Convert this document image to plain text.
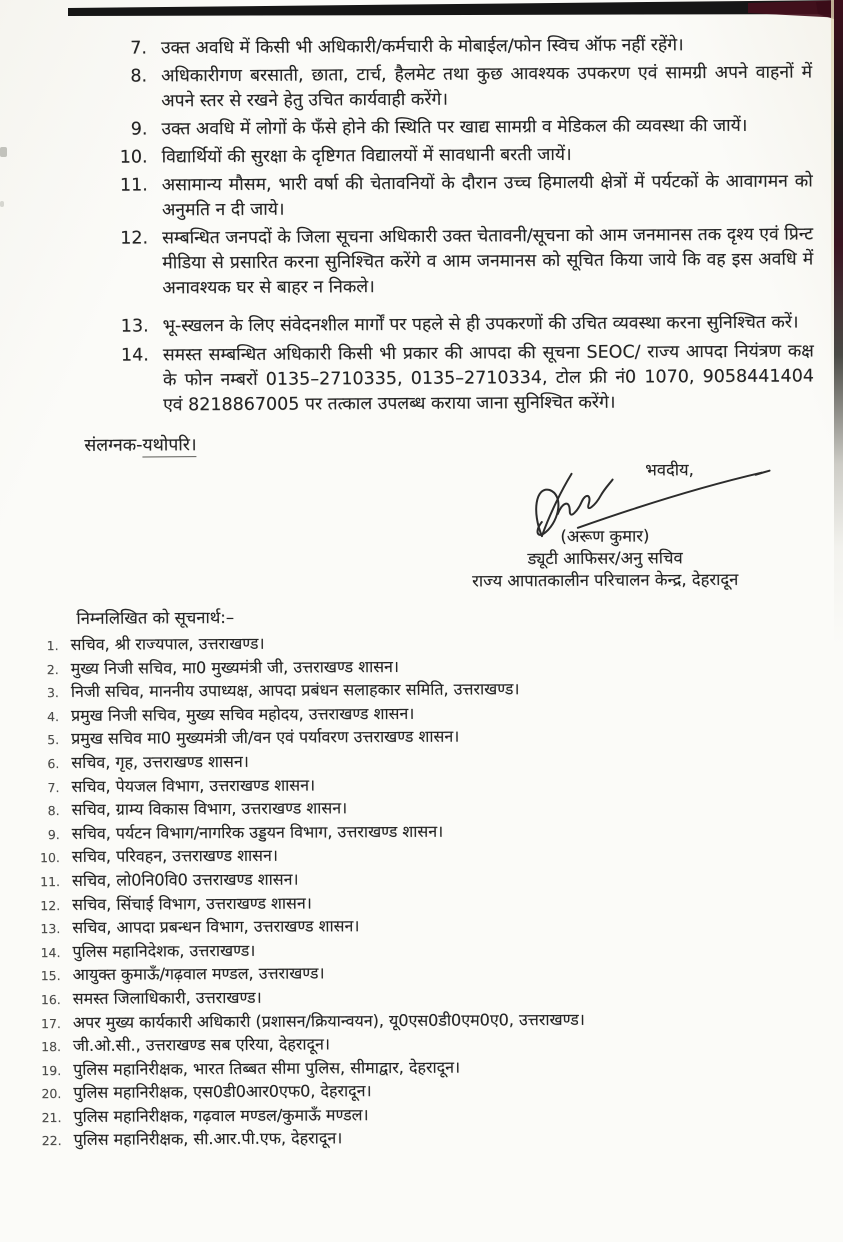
7. उक्त अवधि में किसी भी अधिकारी/कर्मचारी के मोबाईल/फोन स्विच ऑफ नहीं रहेंगे।
8. अधिकारीगण बरसाती, छाता, टार्च, हैलमेट तथा कुछ आवश्यक उपकरण एवं सामग्री अपने वाहनों में अपने स्तर से रखने हेतु उचित कार्यवाही करेंगे।
9. उक्त अवधि में लोगों के फँसे होने की स्थिति पर खाद्य सामग्री व मेडिकल की व्यवस्था की जायें।
10. विद्यार्थियों की सुरक्षा के दृष्टिगत विद्यालयों में सावधानी बरती जायें।
11. असामान्य मौसम, भारी वर्षा की चेतावनियों के दौरान उच्च हिमालयी क्षेत्रों में पर्यटकों के आवागमन को अनुमति न दी जाये।
12. सम्बन्धित जनपदों के जिला सूचना अधिकारी उक्त चेतावनी/सूचना को आम जनमानस तक दृश्य एवं प्रिन्ट मीडिया से प्रसारित करना सुनिश्चित करेंगे व आम जनमानस को सूचित किया जाये कि वह इस अवधि में अनावश्यक घर से बाहर न निकले।
13. भू-स्खलन के लिए संवेदनशील मार्गों पर पहले से ही उपकरणों की उचित व्यवस्था करना सुनिश्चित करें।
14. समस्त सम्बन्धित अधिकारी किसी भी प्रकार की आपदा की सूचना SEOC/ राज्य आपदा नियंत्रण कक्ष के फोन नम्बरों 0135–2710335, 0135–2710334, टोल फ्री नं0 1070, 9058441404 एवं 8218867005 पर तत्काल उपलब्ध कराया जाना सुनिश्चित करेंगे।
संलग्नक-यथोपरि।
भवदीय,
(अरूण कुमार)
ड्यूटी आफिसर/अनु सचिव
राज्य आपातकालीन परिचालन केन्द्र, देहरादून
निम्नलिखित को सूचनार्थ:–
1. सचिव, श्री राज्यपाल, उत्तराखण्ड।
2. मुख्य निजी सचिव, मा0 मुख्यमंत्री जी, उत्तराखण्ड शासन।
3. निजी सचिव, माननीय उपाध्यक्ष, आपदा प्रबंधन सलाहकार समिति, उत्तराखण्ड।
4. प्रमुख निजी सचिव, मुख्य सचिव महोदय, उत्तराखण्ड शासन।
5. प्रमुख सचिव मा0 मुख्यमंत्री जी/वन एवं पर्यावरण उत्तराखण्ड शासन।
6. सचिव, गृह, उत्तराखण्ड शासन।
7. सचिव, पेयजल विभाग, उत्तराखण्ड शासन।
8. सचिव, ग्राम्य विकास विभाग, उत्तराखण्ड शासन।
9. सचिव, पर्यटन विभाग/नागरिक उड्डयन विभाग, उत्तराखण्ड शासन।
10. सचिव, परिवहन, उत्तराखण्ड शासन।
11. सचिव, लो0नि0वि0 उत्तराखण्ड शासन।
12. सचिव, सिंचाई विभाग, उत्तराखण्ड शासन।
13. सचिव, आपदा प्रबन्धन विभाग, उत्तराखण्ड शासन।
14. पुलिस महानिदेशक, उत्तराखण्ड।
15. आयुक्त कुमाऊँ/गढ़वाल मण्डल, उत्तराखण्ड।
16. समस्त जिलाधिकारी, उत्तराखण्ड।
17. अपर मुख्य कार्यकारी अधिकारी (प्रशासन/क्रियान्वयन), यू0एस0डी0एम0ए0, उत्तराखण्ड।
18. जी.ओ.सी., उत्तराखण्ड सब एरिया, देहरादून।
19. पुलिस महानिरीक्षक, भारत तिब्बत सीमा पुलिस, सीमाद्वार, देहरादून।
20. पुलिस महानिरीक्षक, एस0डी0आर0एफ0, देहरादून।
21. पुलिस महानिरीक्षक, गढ़वाल मण्डल/कुमाऊँ मण्डल।
22. पुलिस महानिरीक्षक, सी.आर.पी.एफ, देहरादून।
